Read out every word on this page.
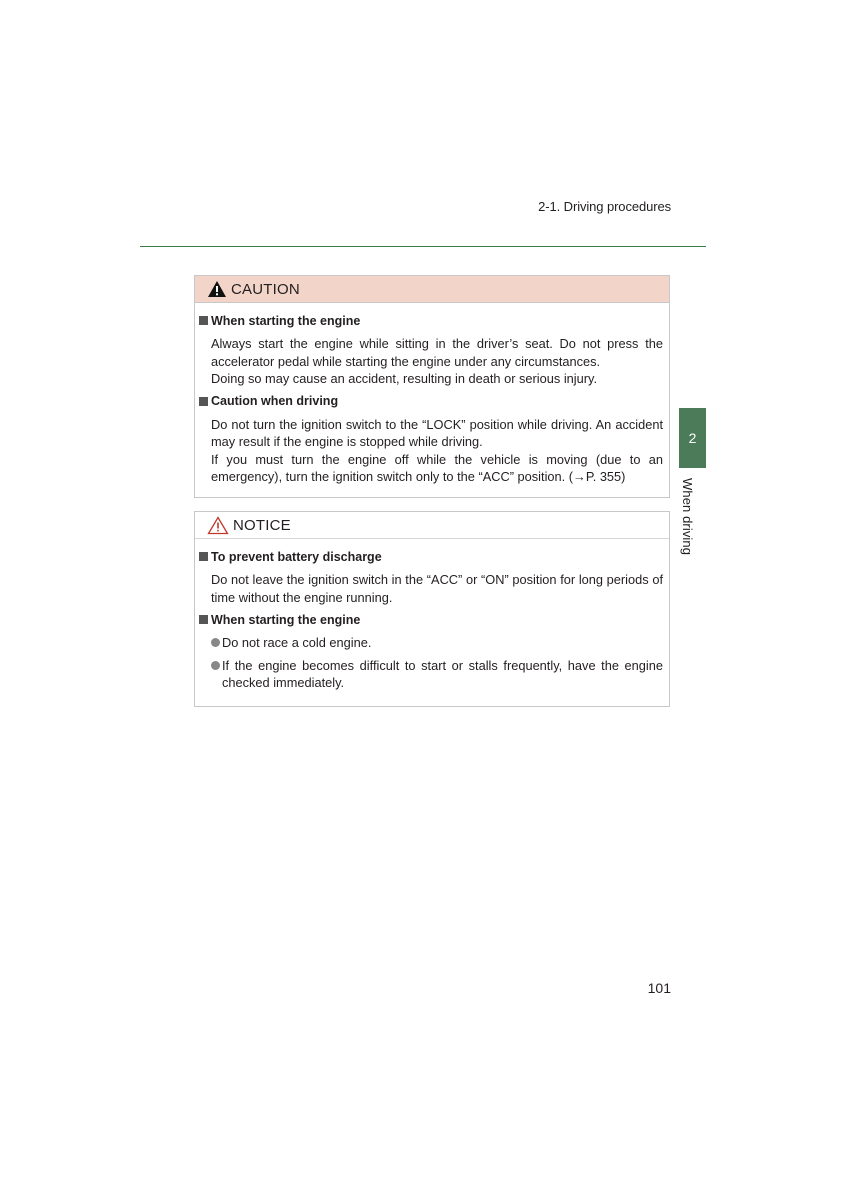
2-1. Driving procedures
2
When driving
CAUTION
When starting the engine
Always start the engine while sitting in the driver’s seat. Do not press the accelerator pedal while starting the engine under any circumstances.
Doing so may cause an accident, resulting in death or serious injury.
Caution when driving
Do not turn the ignition switch to the “LOCK” position while driving. An accident may result if the engine is stopped while driving.
If you must turn the engine off while the vehicle is moving (due to an emergency), turn the ignition switch only to the “ACC” position. (→P. 355)
NOTICE
To prevent battery discharge
Do not leave the ignition switch in the “ACC” or “ON” position for long periods of time without the engine running.
When starting the engine
Do not race a cold engine.
If the engine becomes difficult to start or stalls frequently, have the engine checked immediately.
101
